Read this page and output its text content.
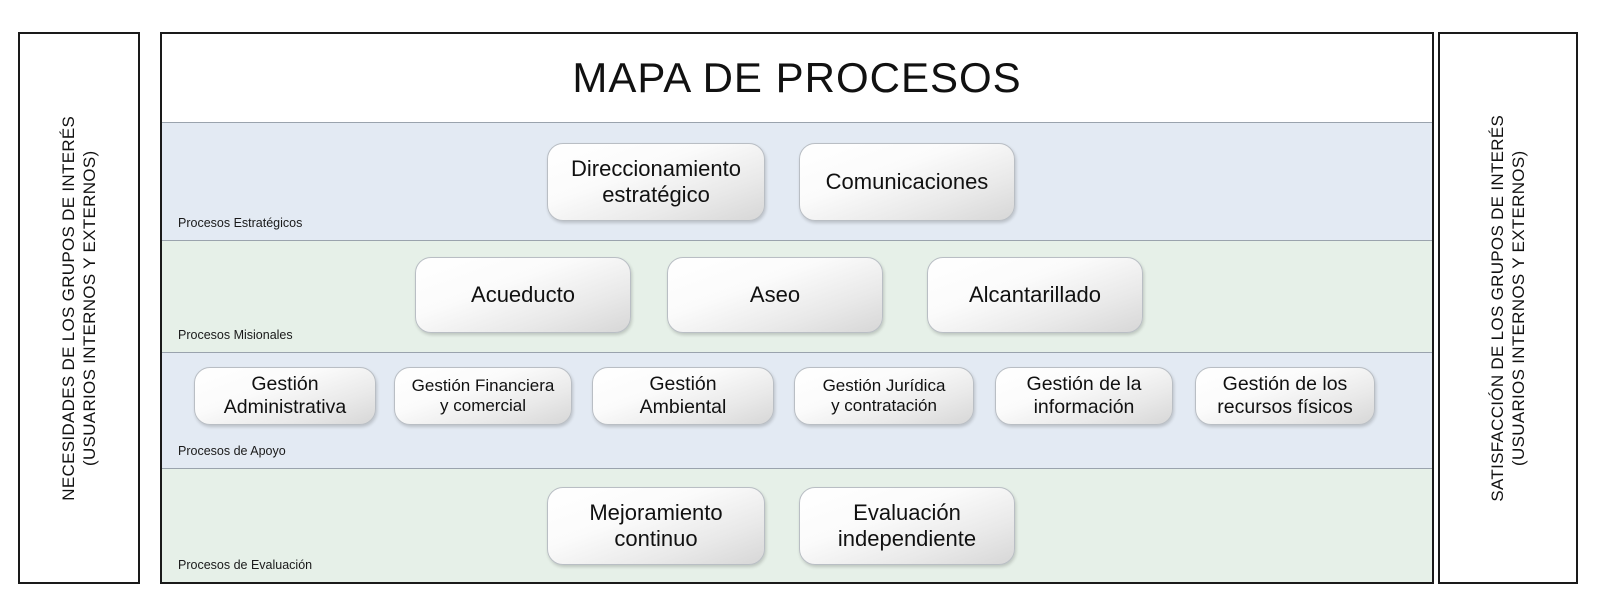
NECESIDADES DE LOS GRUPOS DE INTERÉS (USUARIOS INTERNOS Y EXTERNOS)
MAPA DE PROCESOS
Procesos Estratégicos
Direccionamiento
estratégico
Comunicaciones
Procesos Misionales
Acueducto	Aseo	Alcantarillado
Procesos de Apoyo
Gestión
Administrativa
Gestión Financiera
y comercial
Gestión
Ambiental
Gestión Jurídica
y contratación
Gestión de la
información
Gestión de los
recursos físicos
Procesos de Evaluación
Mejoramiento
continuo
Evaluación
independiente
SATISFACCIÓN DE LOS GRUPOS DE INTERÉS (USUARIOS INTERNOS Y EXTERNOS)
